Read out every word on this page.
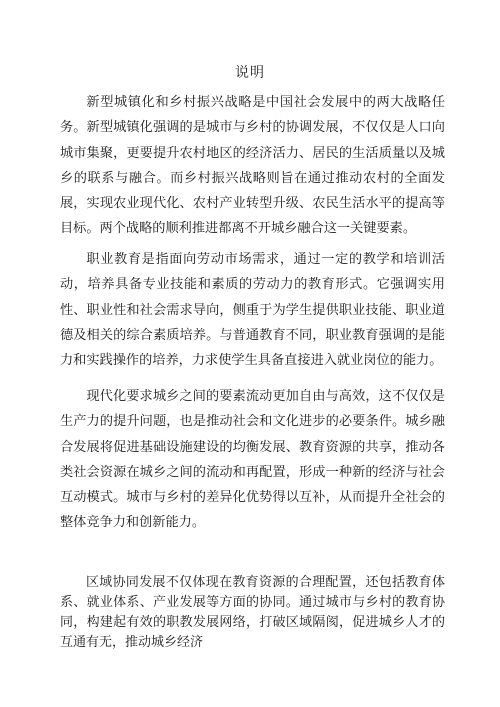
说明

新型城镇化和乡村振兴战略是中国社会发展中的两大战略任务。新型城镇化强调的是城市与乡村的协调发展，不仅仅是人口向城市集聚，更要提升农村地区的经济活力、居民的生活质量以及城乡的联系与融合。而乡村振兴战略则旨在通过推动农村的全面发展，实现农业现代化、农村产业转型升级、农民生活水平的提高等目标。两个战略的顺利推进都离不开城乡融合这一关键要素。

职业教育是指面向劳动市场需求，通过一定的教学和培训活动，培养具备专业技能和素质的劳动力的教育形式。它强调实用性、职业性和社会需求导向，侧重于为学生提供职业技能、职业道德及相关的综合素质培养。与普通教育不同，职业教育强调的是能力和实践操作的培养，力求使学生具备直接进入就业岗位的能力。

现代化要求城乡之间的要素流动更加自由与高效，这不仅仅是生产力的提升问题，也是推动社会和文化进步的必要条件。城乡融合发展将促进基础设施建设的均衡发展、教育资源的共享，推动各类社会资源在城乡之间的流动和再配置，形成一种新的经济与社会互动模式。城市与乡村的差异化优势得以互补，从而提升全社会的整体竞争力和创新能力。

区域协同发展不仅体现在教育资源的合理配置，还包括教育体系、就业体系、产业发展等方面的协同。通过城市与乡村的教育协同，构建起有效的职教发展网络，打破区域隔阂，促进城乡人才的互通有无，推动城乡经济
